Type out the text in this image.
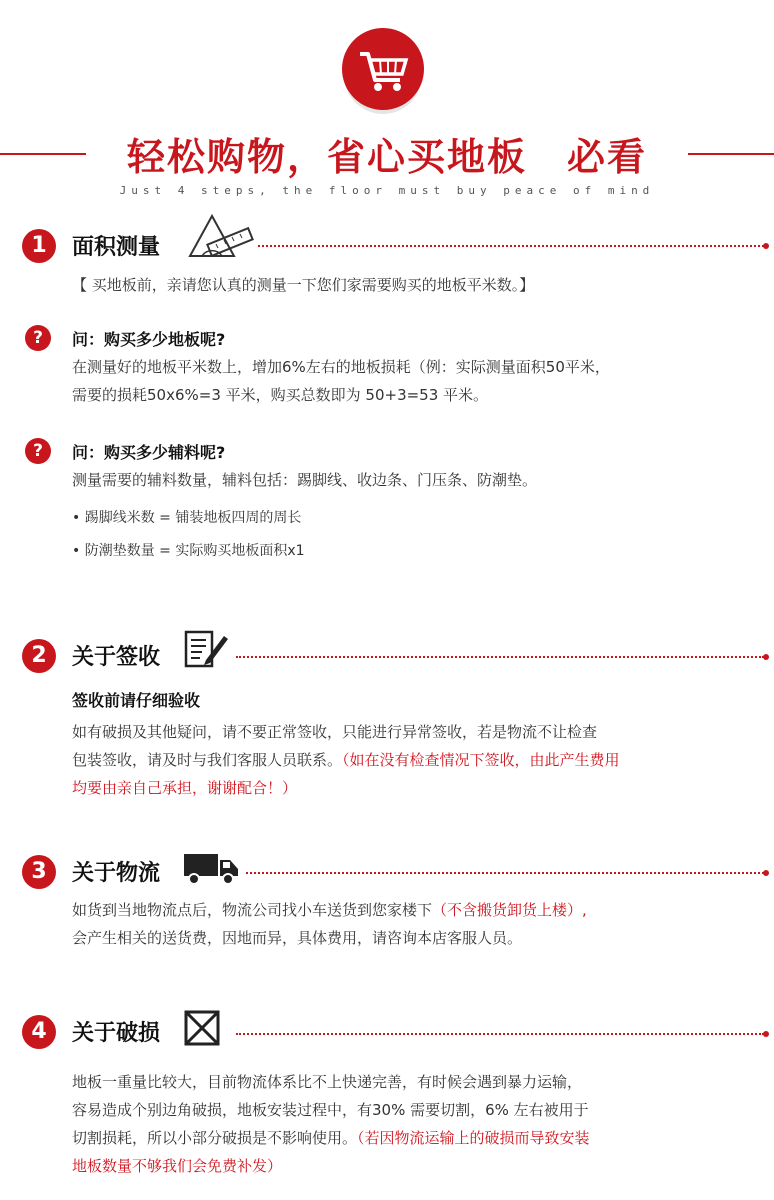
轻松购物，省心买地板　必看
Just 4 steps, the floor must buy peace of mind
1	面积测量
【 买地板前，亲请您认真的测量一下您们家需要购买的地板平米数。】
?	问：购买多少地板呢?
在测量好的地板平米数上，增加6%左右的地板损耗（例：实际测量面积50平米，
需要的损耗50x6%=3 平米，购买总数即为 50+3=53 平米。
?	问：购买多少辅料呢?
测量需要的辅料数量，辅料包括：踢脚线、收边条、门压条、防潮垫。
• 踢脚线米数 = 铺装地板四周的周长
• 防潮垫数量 = 实际购买地板面积x1
2	关于签收
签收前请仔细验收
如有破损及其他疑问，请不要正常签收，只能进行异常签收，若是物流不让检查
包装签收，请及时与我们客服人员联系。（如在没有检查情况下签收，由此产生费用
均要由亲自己承担，谢谢配合！）
3	关于物流
如货到当地物流点后，物流公司找小车送货到您家楼下（不含搬货卸货上楼）,
会产生相关的送货费，因地而异，具体费用，请咨询本店客服人员。
4	关于破损
地板一重量比较大，目前物流体系比不上快递完善，有时候会遇到暴力运输，
容易造成个别边角破损，地板安装过程中，有30% 需要切割，6% 左右被用于
切割损耗，所以小部分破损是不影响使用。（若因物流运输上的破损而导致安装
地板数量不够我们会免费补发）
